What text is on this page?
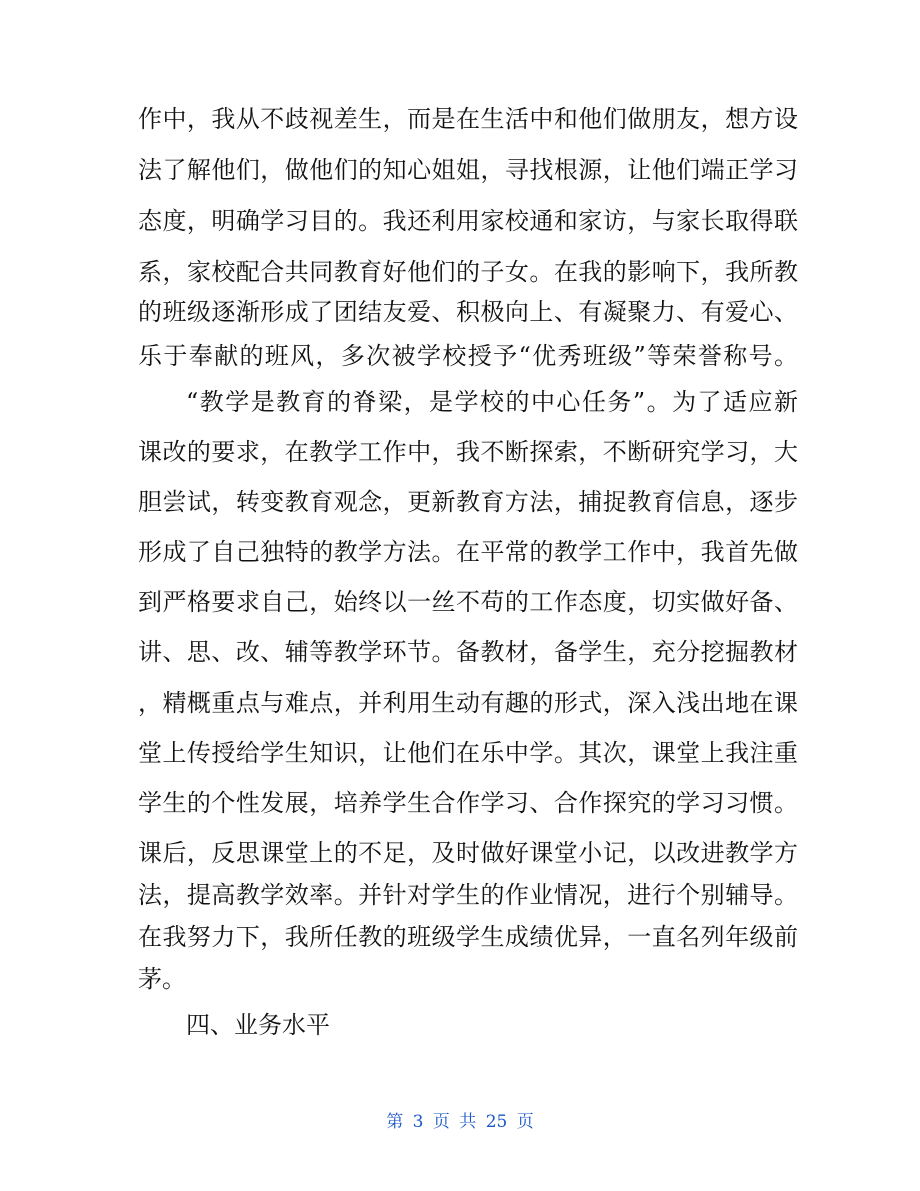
作中，我从不歧视差生，而是在生活中和他们做朋友，想方设
法了解他们，做他们的知心姐姐，寻找根源，让他们端正学习
态度，明确学习目的。我还利用家校通和家访，与家长取得联
系，家校配合共同教育好他们的子女。在我的影响下，我所教
的班级逐渐形成了团结友爱、积极向上、有凝聚力、有爱心、
乐于奉献的班风，多次被学校授予“优秀班级”等荣誉称号。
“教学是教育的脊梁，是学校的中心任务”。为了适应新
课改的要求，在教学工作中，我不断探索，不断研究学习，大
胆尝试，转变教育观念，更新教育方法，捕捉教育信息，逐步
形成了自己独特的教学方法。在平常的教学工作中，我首先做
到严格要求自己，始终以一丝不苟的工作态度，切实做好备、
讲、思、改、辅等教学环节。备教材，备学生，充分挖掘教材
，精概重点与难点，并利用生动有趣的形式，深入浅出地在课
堂上传授给学生知识，让他们在乐中学。其次，课堂上我注重
学生的个性发展，培养学生合作学习、合作探究的学习习惯。
课后，反思课堂上的不足，及时做好课堂小记，以改进教学方
法，提高教学效率。并针对学生的作业情况，进行个别辅导。
在我努力下，我所任教的班级学生成绩优异，一直名列年级前
茅。
四、业务水平
第 3 页 共 25 页
